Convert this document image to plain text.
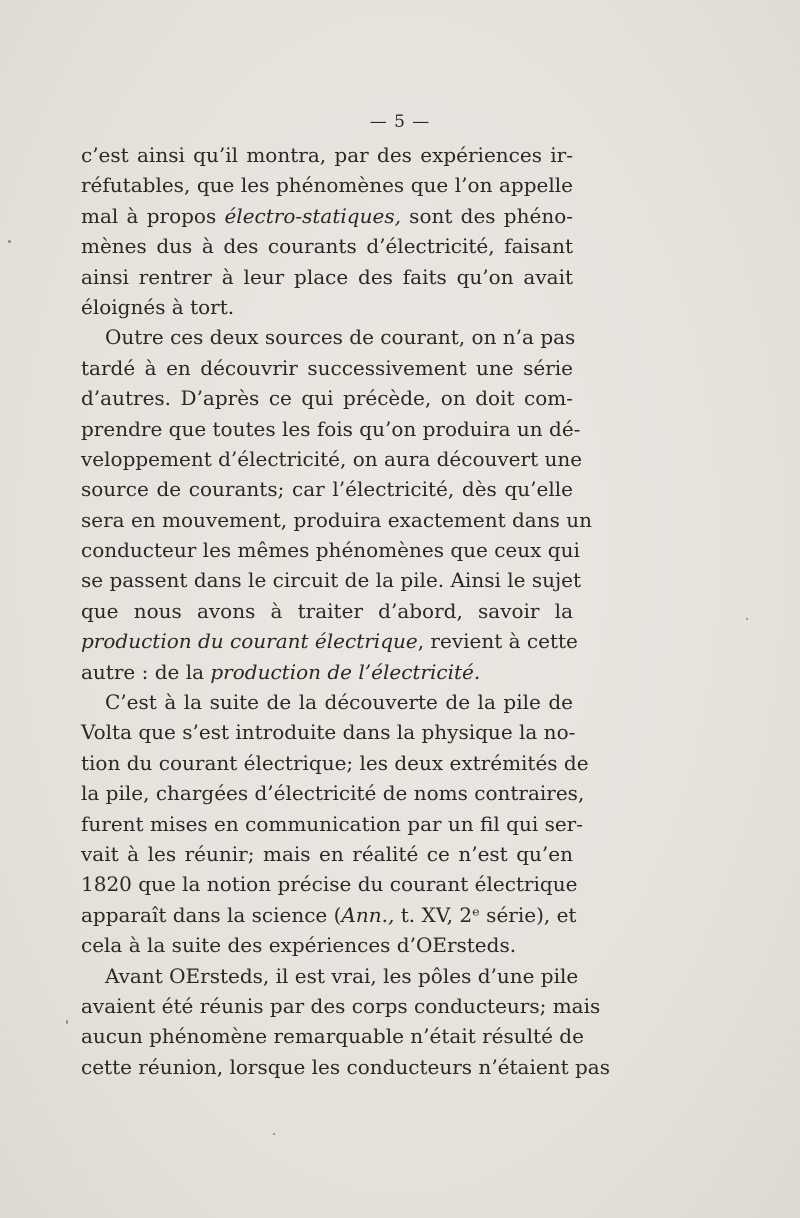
— 5 —
c’est ainsi qu’il montra, par des expériences ir-
réfutables, que les phénomènes que l’on appelle
mal à propos électro-statiques, sont des phéno-
mènes dus à des courants d’électricité, faisant
ainsi rentrer à leur place des faits qu’on avait
éloignés à tort.
Outre ces deux sources de courant, on n’a pas
tardé à en découvrir successivement une série
d’autres. D’après ce qui précède, on doit com-
prendre que toutes les fois qu’on produira un dé-
veloppement d’électricité, on aura découvert une
source de courants; car l’électricité, dès qu’elle
sera en mouvement, produira exactement dans un
conducteur les mêmes phénomènes que ceux qui
se passent dans le circuit de la pile. Ainsi le sujet
que nous avons à traiter d’abord, savoir la
production du courant électrique, revient à cette
autre : de la production de l’électricité.
C’est à la suite de la découverte de la pile de
Volta que s’est introduite dans la physique la no-
tion du courant électrique; les deux extrémités de
la pile, chargées d’électricité de noms contraires,
furent mises en communication par un fil qui ser-
vait à les réunir; mais en réalité ce n’est qu’en
1820 que la notion précise du courant électrique
apparaît dans la science (Ann., t. XV, 2ᵉ série), et
cela à la suite des expériences d’OErsteds.
Avant OErsteds, il est vrai, les pôles d’une pile
avaient été réunis par des corps conducteurs; mais
aucun phénomène remarquable n’était résulté de
cette réunion, lorsque les conducteurs n’étaient pas
